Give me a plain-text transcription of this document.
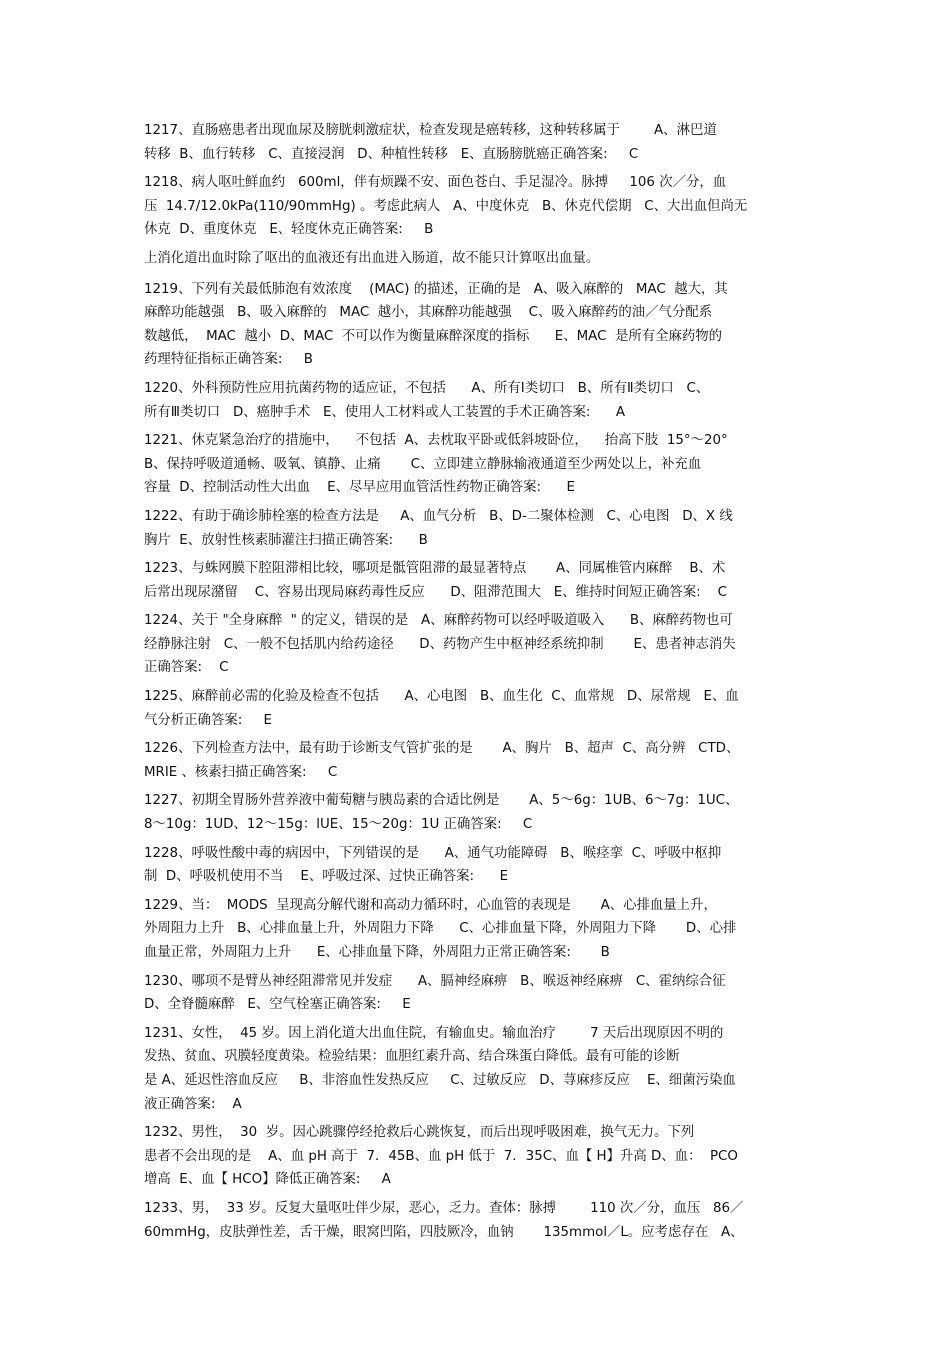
1217、直肠癌患者出现血尿及膀胱刺激症状，检查发现是癌转移，这种转移属于        A、淋巴道
转移  B、血行转移   C、直接浸润   D、种植性转移   E、直肠膀胱癌正确答案:     C
1218、病人呕吐鲜血约   600ml，伴有烦躁不安、面色苍白、手足湿冷。脉搏     106 次／分，血
压  14.7/12.0kPa(110/90mmHg) 。考虑此病人   A、中度休克   B、休克代偿期   C、大出血但尚无
休克  D、重度休克   E、轻度休克正确答案:     B
上消化道出血时除了呕出的血液还有出血进入肠道，故不能只计算呕出血量。
1219、下列有关最低肺泡有效浓度    (MAC) 的描述，正确的是   A、吸入麻醉的   MAC  越大，其
麻醉功能越强   B、吸入麻醉的   MAC  越小，其麻醉功能越强    C、吸入麻醉药的油／气分配系
数越低，  MAC  越小  D、MAC  不可以作为衡量麻醉深度的指标      E、MAC  是所有全麻药物的
药理特征指标正确答案:     B
1220、外科预防性应用抗菌药物的适应证，不包括      A、所有Ⅰ类切口   B、所有Ⅱ类切口   C、
所有Ⅲ类切口   D、癌肿手术   E、使用人工材料或人工装置的手术正确答案:      A
1221、休克紧急治疗的措施中，    不包括  A、去枕取平卧或低斜坡卧位，    抬高下肢  15°～20°
B、保持呼吸道通畅、吸氧、镇静、止痛       C、立即建立静脉输液通道至少两处以上，补充血
容量  D、控制活动性大出血    E、尽早应用血管活性药物正确答案:      E
1222、有助于确诊肺栓塞的检查方法是     A、血气分析   B、D-二聚体检测   C、心电图   D、X 线
胸片  E、放射性核素肺灌注扫描正确答案:      B
1223、与蛛网膜下腔阻滞相比较，哪项是骶管阻滞的最显著特点       A、同属椎管内麻醉    B、术
后常出现尿潴留    C、容易出现局麻药毒性反应      D、阻滞范围大   E、维持时间短正确答案:    C
1224、关于 "全身麻醉  " 的定义，错误的是   A、麻醉药物可以经呼吸道吸入      B、麻醉药物也可
经静脉注射   C、一般不包括肌内给药途径      D、药物产生中枢神经系统抑制       E、患者神志消失
正确答案:    C
1225、麻醉前必需的化验及检查不包括      A、心电图   B、血生化  C、血常规   D、尿常规   E、血
气分析正确答案:     E
1226、下列检查方法中，最有助于诊断支气管扩张的是       A、胸片   B、超声  C、高分辨   CTD、
MRIE 、核素扫描正确答案:     C
1227、初期全胃肠外营养液中葡萄糖与胰岛素的合适比例是       A、5～6g：1UB、6～7g：1UC、
8～10g：1UD、12～15g：lUE、15～20g：1U 正确答案:     C
1228、呼吸性酸中毒的病因中，下列错误的是      A、通气功能障碍   B、喉痉挛  C、呼吸中枢抑
制  D、呼吸机使用不当    E、呼吸过深、过快正确答案:      E
1229、当：  MODS  呈现高分解代谢和高动力循环时，心血管的表现是       A、心排血量上升，
外周阻力上升   B、心排血量上升，外周阻力下降      C、心排血量下降，外周阻力下降       D、心排
血量正常，外周阻力上升      E、心排血量下降，外周阻力正常正确答案:       B
1230、哪项不是臂丛神经阻滞常见并发症      A、膈神经麻痹   B、喉返神经麻痹   C、霍纳综合征
D、全脊髓麻醉   E、空气栓塞正确答案:     E
1231、女性，  45 岁。因上消化道大出血住院，有输血史。输血治疗        7 天后出现原因不明的
发热、贫血、巩膜轻度黄染。检验结果：血胆红素升高、结合珠蛋白降低。最有可能的诊断
是 A、延迟性溶血反应     B、非溶血性发热反应     C、过敏反应   D、荨麻疹反应    E、细菌污染血
液正确答案:    A
1232、男性，  30  岁。因心跳骤停经抢救后心跳恢复，而后出现呼吸困难，换气无力。下列
患者不会出现的是    A、血 pH 高于  7．45B、血 pH 低于  7．35C、血【 H】升高 D、血：  PCO
增高  E、血【 HCO】降低正确答案:     A
1233、男，  33 岁。反复大量呕吐伴少尿，恶心，乏力。查体：脉搏        110 次／分，血压   86／
60mmHg，皮肤弹性差，舌干燥，眼窝凹陷，四肢厥冷，血钠       135mmol／L。应考虑存在   A、
